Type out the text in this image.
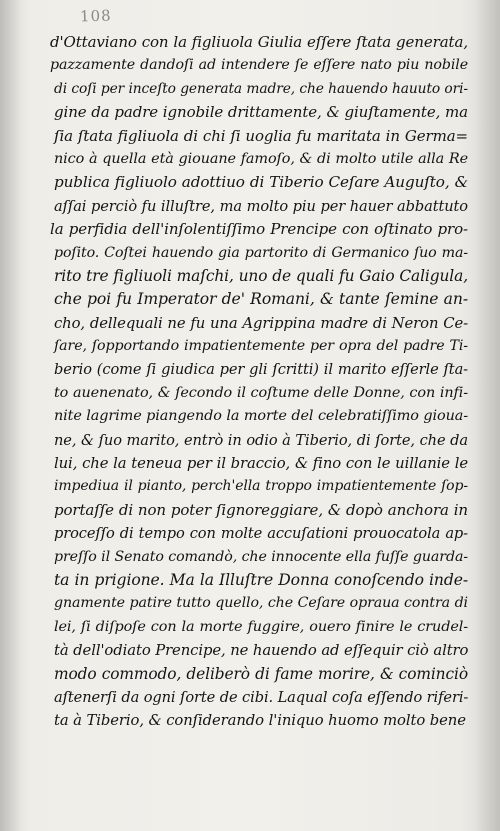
108
d'Ottaviano con la figliuola Giulia eſſere ſtata generata,
pazzamente dandoſi ad intendere ſe eſſere nato piu nobile
di coſi per inceſto generata madre, che hauendo hauuto ori-
gine da padre ignobile drittamente, & giuſtamente, ma
ſia ſtata figliuola di chi ſi uoglia fu maritata in Germa=
nico à quella età giouane famoſo, & di molto utile alla Re
publica figliuolo adottiuo di Tiberio Ceſare Auguſto, &
aſſai perciò fu illuſtre, ma molto piu per hauer abbattuto
la perfidia dell'inſolentiſſimo Prencipe con oſtinato pro-
poſito. Coſtei hauendo gia partorito di Germanico ſuo ma-
rito tre figliuoli maſchi, uno de quali fu Gaio Caligula,
che poi fu Imperator de' Romani, & tante ſemine an-
cho, dellequali ne fu una Agrippina madre di Neron Ce-
ſare, ſopportando impatientemente per opra del padre Ti-
berio (come ſi giudica per gli ſcritti) il marito eſſerle ſta-
to auenenato, & ſecondo il coſtume delle Donne, con infi-
nite lagrime piangendo la morte del celebratiſſimo gioua-
ne, & ſuo marito, entrò in odio à Tiberio, di ſorte, che da
lui, che la teneua per il braccio, & fino con le uillanie le
impediua il pianto, perch'ella troppo impatientemente ſop-
portaſſe di non poter ſignoreggiare, & dopò anchora in
proceſſo di tempo con molte accuſationi prouocatola ap-
preſſo il Senato comandò, che innocente ella fuſſe guarda-
ta in prigione. Ma la Illuſtre Donna conoſcendo inde-
gnamente patire tutto quello, che Ceſare opraua contra di
lei, ſi diſpoſe con la morte fuggire, ouero finire le crudel-
tà dell'odiato Prencipe, ne hauendo ad eſſequir ciò altro
modo commodo, deliberò di fame morire, & cominciò
aſtenerſi da ogni ſorte de cibi. Laqual coſa eſſendo riferi-
ta à Tiberio, & conſiderando l'iniquo huomo molto bene
